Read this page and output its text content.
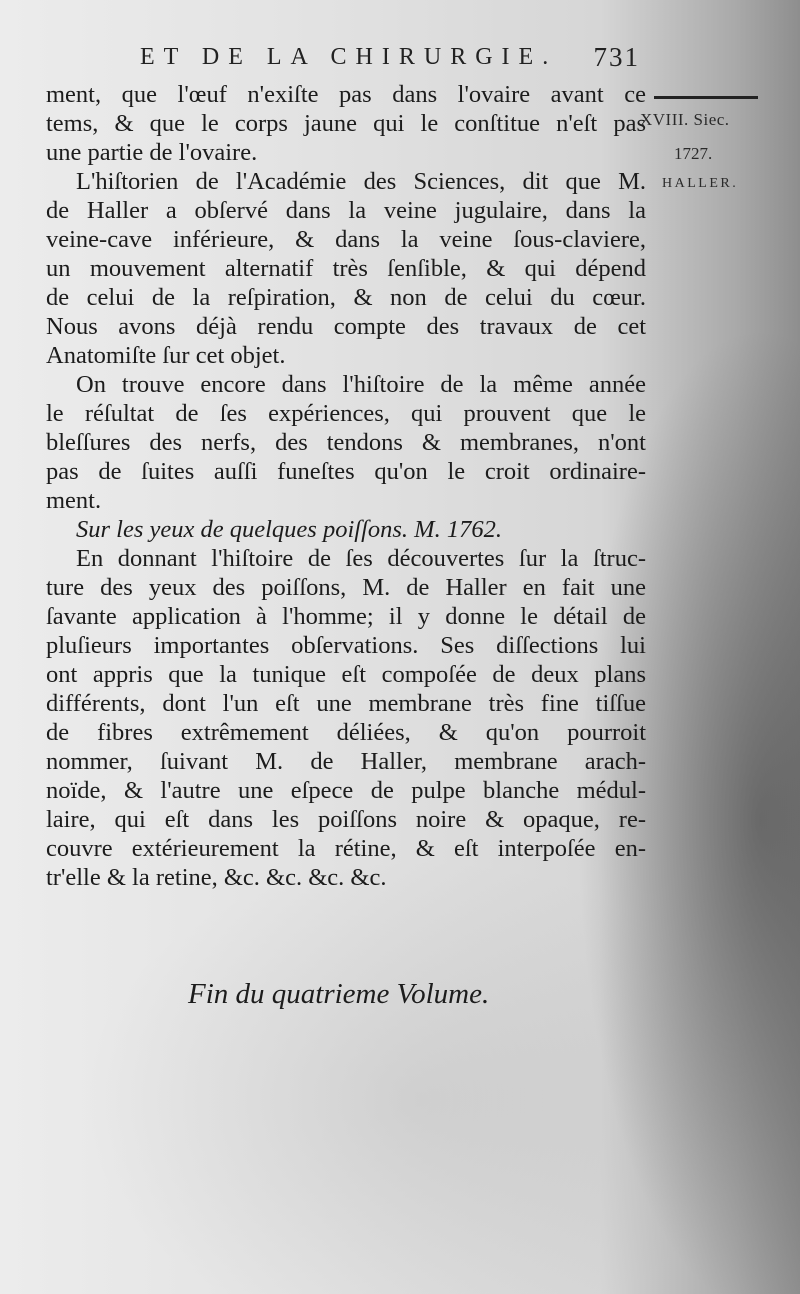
ET DE LA CHIRURGIE. 731
XVIII. Siec.
1727.
HALLER.
ment, que l'œuf n'exiſte pas dans l'ovaire avant ce
tems, & que le corps jaune qui le conſtitue n'eſt pas
une partie de l'ovaire.
L'hiſtorien de l'Académie des Sciences, dit que M.
de Haller a obſervé dans la veine jugulaire, dans la
veine-cave inférieure, & dans la veine ſous-claviere,
un mouvement alternatif très ſenſible, & qui dépend
de celui de la reſpiration, & non de celui du cœur.
Nous avons déjà rendu compte des travaux de cet
Anatomiſte ſur cet objet.
On trouve encore dans l'hiſtoire de la même année
le réſultat de ſes expériences, qui prouvent que le
bleſſures des nerfs, des tendons & membranes, n'ont
pas de ſuites auſſi funeſtes qu'on le croit ordinaire-
ment.
Sur les yeux de quelques poiſſons. M. 1762.
En donnant l'hiſtoire de ſes découvertes ſur la ſtruc-
ture des yeux des poiſſons, M. de Haller en fait une
ſavante application à l'homme; il y donne le détail de
pluſieurs importantes obſervations. Ses diſſections lui
ont appris que la tunique eſt compoſée de deux plans
différents, dont l'un eſt une membrane très fine tiſſue
de fibres extrêmement déliées, & qu'on pourroit
nommer, ſuivant M. de Haller, membrane arach-
noïde, & l'autre une eſpece de pulpe blanche médul-
laire, qui eſt dans les poiſſons noire & opaque, re-
couvre extérieurement la rétine, & eſt interpoſée en-
tr'elle & la retine, &c. &c. &c. &c.
Fin du quatrieme Volume.
